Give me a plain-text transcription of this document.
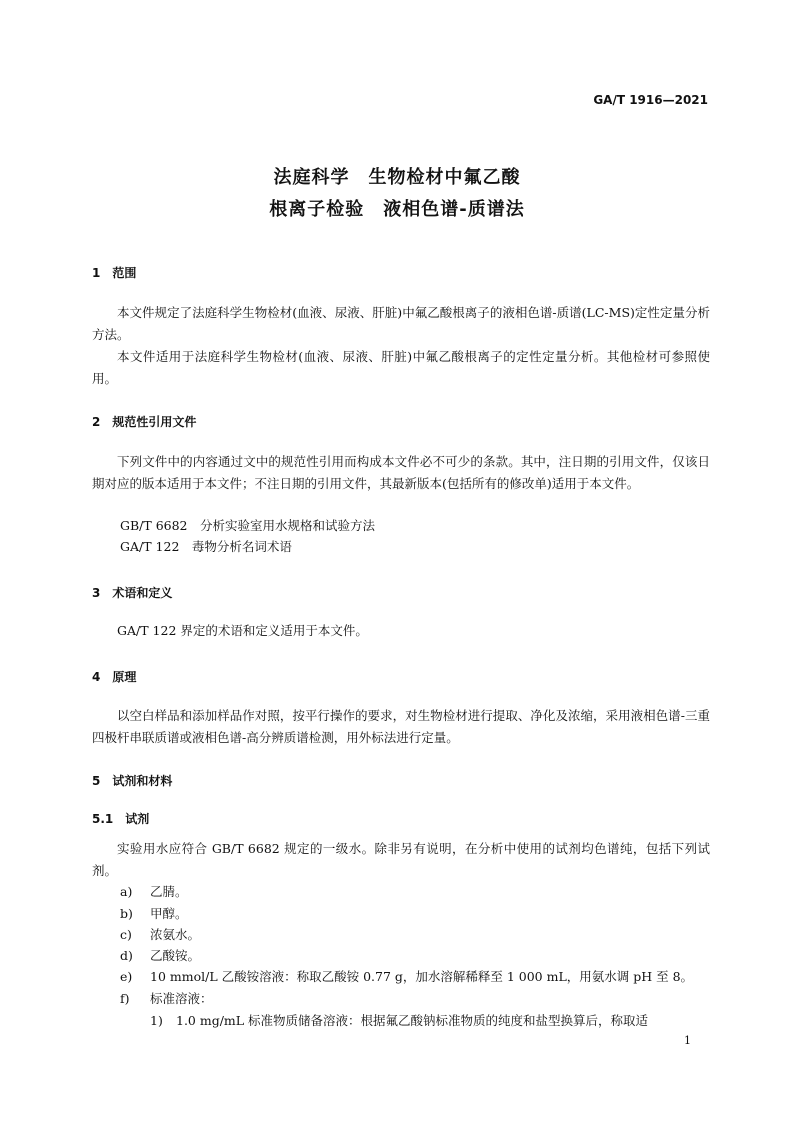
GA/T 1916—2021
法庭科学　生物检材中氟乙酸
根离子检验　液相色谱-质谱法
1　范围
本文件规定了法庭科学生物检材(血液、尿液、肝脏)中氟乙酸根离子的液相色谱-质谱(LC-MS)定性定量分析方法。
本文件适用于法庭科学生物检材(血液、尿液、肝脏)中氟乙酸根离子的定性定量分析。其他检材可参照使用。
2　规范性引用文件
下列文件中的内容通过文中的规范性引用而构成本文件必不可少的条款。其中，注日期的引用文件，仅该日期对应的版本适用于本文件；不注日期的引用文件，其最新版本(包括所有的修改单)适用于本文件。
GB/T 6682　分析实验室用水规格和试验方法
GA/T 122　毒物分析名词术语
3　术语和定义
GA/T 122 界定的术语和定义适用于本文件。
4　原理
以空白样品和添加样品作对照，按平行操作的要求，对生物检材进行提取、净化及浓缩，采用液相色谱-三重四极杆串联质谱或液相色谱-高分辨质谱检测，用外标法进行定量。
5　试剂和材料
5.1　试剂
实验用水应符合 GB/T 6682 规定的一级水。除非另有说明，在分析中使用的试剂均色谱纯，包括下列试剂。
a) 乙腈。
b) 甲醇。
c) 浓氨水。
d) 乙酸铵。
e) 10 mmol/L 乙酸铵溶液：称取乙酸铵 0.77 g，加水溶解稀释至 1 000 mL，用氨水调 pH 至 8。
f) 标准溶液：
1) 1.0 mg/mL 标准物质储备溶液：根据氟乙酸钠标准物质的纯度和盐型换算后，称取适
1
